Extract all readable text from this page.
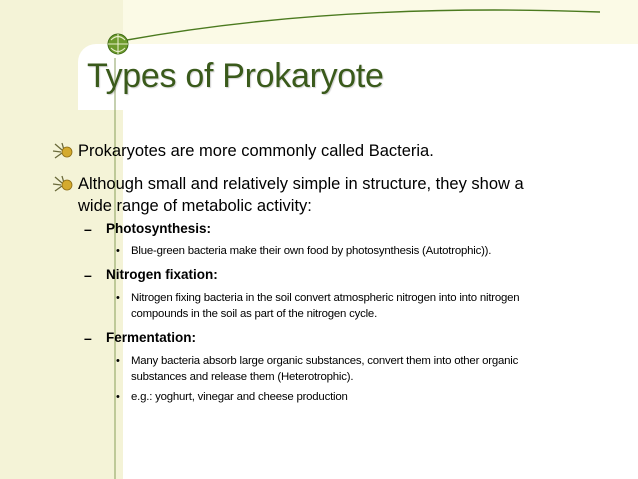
Types of Prokaryote
Prokaryotes are more commonly called Bacteria.
Although small and relatively simple in structure, they show a wide range of metabolic activity:
– Photosynthesis:
• Blue-green bacteria make their own food by photosynthesis (Autotrophic)).
– Nitrogen fixation:
• Nitrogen fixing bacteria in the soil convert atmospheric nitrogen into into nitrogen compounds in the soil as part of the nitrogen cycle.
– Fermentation:
• Many bacteria absorb large organic substances, convert them into other organic substances and release them (Heterotrophic).
• e.g.: yoghurt, vinegar and cheese production
